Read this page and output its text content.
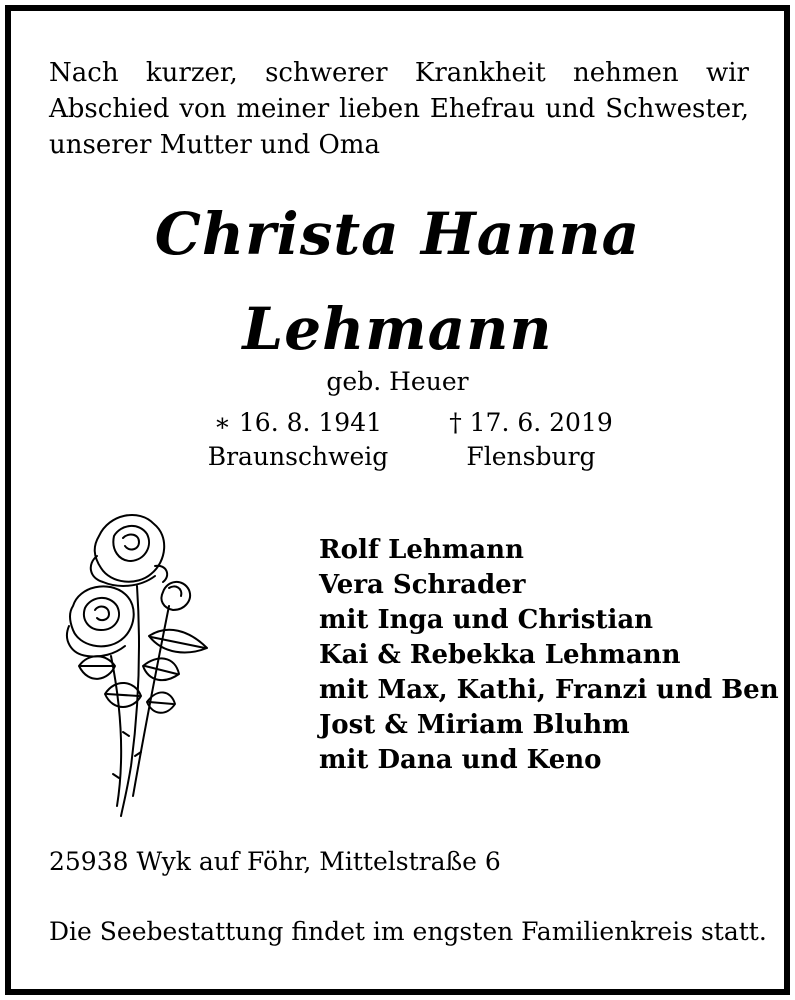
Nach kurzer, schwerer Krankheit nehmen wir Abschied von meiner lieben Ehefrau und Schwester, unserer Mutter und Oma
Christa Hanna
Lehmann
geb. Heuer
∗ 16. 8. 1941
Braunschweig
† 17. 6. 2019
Flensburg
Rolf Lehmann
Vera Schrader
mit Inga und Christian
Kai & Rebekka Lehmann
mit Max, Kathi, Franzi und Ben
Jost & Miriam Bluhm
mit Dana und Keno
25938 Wyk auf Föhr, Mittelstraße 6
Die Seebestattung findet im engsten Familienkreis statt.
